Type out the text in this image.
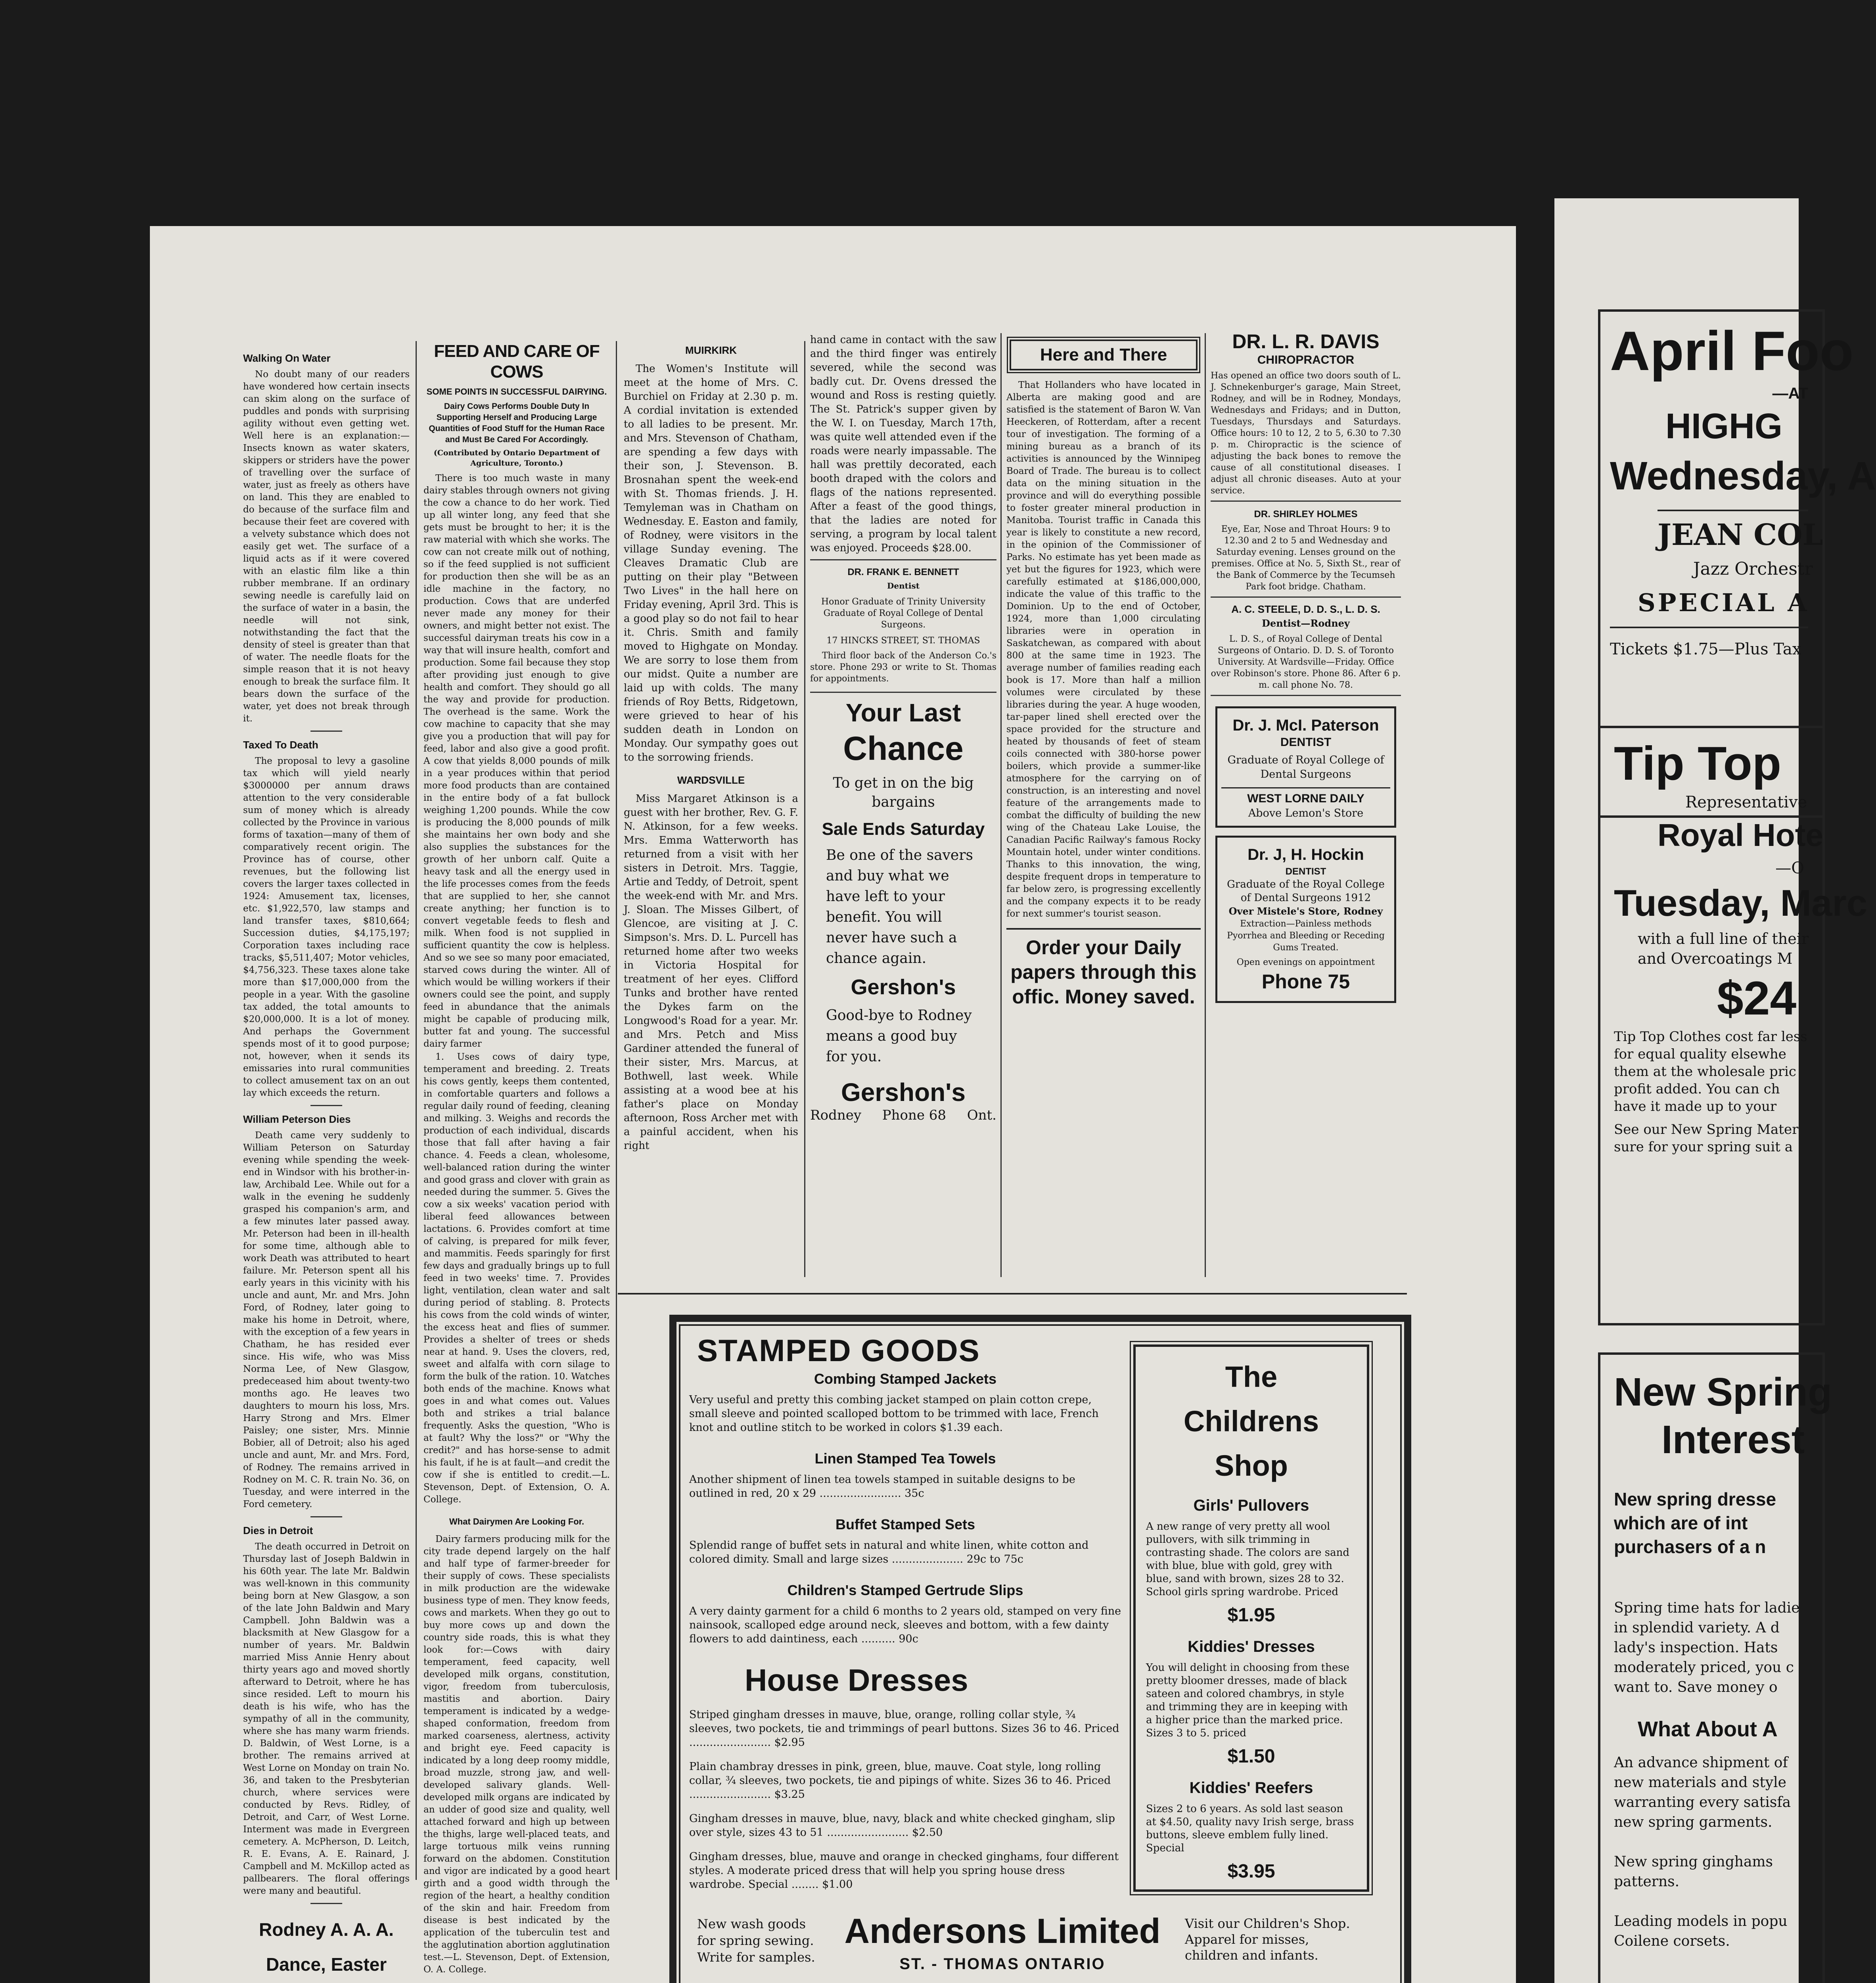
Walking On Water

No doubt many of our readers have wondered how certain insects can skim along on the surface of puddles and ponds with surprising agility without even getting wet. Well here is an explanation:—Insects known as water skaters, skippers or striders have the power of travelling over the surface of water, just as freely as others have on land. This they are enabled to do because of the surface film and because their feet are covered with a velvety substance which does not easily get wet. The surface of a liquid acts as if it were covered with an elastic film like a thin rubber membrane. If an ordinary sewing needle is carefully laid on the surface of water in a basin, the needle will not sink, notwithstanding the fact that the density of steel is greater than that of water. The needle floats for the simple reason that it is not heavy enough to break the surface film. It bears down the surface of the water, yet does not break through it.

Taxed To Death

The proposal to levy a gasoline tax which will yield nearly $3000000 per annum draws attention to the very considerable sum of money which is already collected by the Province in various forms of taxation—many of them of comparatively recent origin. The Province has of course, other revenues, but the following list covers the larger taxes collected in 1924: Amusement tax, licenses, etc. $1,922,570, law stamps and land transfer taxes, $810,664; Succession duties, $4,175,197; Corporation taxes including race tracks, $5,511,407; Motor vehicles, $4,756,323. These taxes alone take more than $17,000,000 from the people in a year. With the gasoline tax added, the total amounts to $20,000,000. It is a lot of money. And perhaps the Government spends most of it to good purpose; not, however, when it sends its emissaries into rural communities to collect amusement tax on an out lay which exceeds the return.

William Peterson Dies

Death came very suddenly to William Peterson on Saturday evening while spending the week-end in Windsor with his brother-in-law, Archibald Lee. While out for a walk in the evening he suddenly grasped his companion's arm, and a few minutes later passed away. Mr. Peterson had been in ill-health for some time, although able to work Death was attributed to heart failure. Mr. Peterson spent all his early years in this vicinity with his uncle and aunt, Mr. and Mrs. John Ford, of Rodney, later going to make his home in Detroit, where, with the exception of a few years in Chatham, he has resided ever since. His wife, who was Miss Norma Lee, of New Glasgow, predeceased him about twenty-two months ago. He leaves two daughters to mourn his loss, Mrs. Harry Strong and Mrs. Elmer Paisley; one sister, Mrs. Minnie Bobier, all of Detroit; also his aged uncle and aunt, Mr. and Mrs. Ford, of Rodney. The remains arrived in Rodney on M. C. R. train No. 36, on Tuesday, and were interred in the Ford cemetery.

Dies in Detroit

The death occurred in Detroit on Thursday last of Joseph Baldwin in his 60th year. The late Mr. Baldwin was well-known in this community being born at New Glasgow, a son of the late John Baldwin and Mary Campbell. John Baldwin was a blacksmith at New Glasgow for a number of years. Mr. Baldwin married Miss Annie Henry about thirty years ago and moved shortly afterward to Detroit, where he has since resided. Left to mourn his death is his wife, who has the sympathy of all in the community, where she has many warm friends. D. Baldwin, of West Lorne, is a brother. The remains arrived at West Lorne on Monday on train No. 36, and taken to the Presbyterian church, where services were conducted by Revs. Ridley, of Detroit, and Carr, of West Lorne. Interment was made in Evergreen cemetery. A. McPherson, D. Leitch, R. E. Evans, A. E. Rainard, J. Campbell and M. McKillop acted as pallbearers. The floral offerings were many and beautiful.

Rodney A. A. A. Dance, Easter
FEED AND CARE OF COWS
SOME POINTS IN SUCCESSFUL DAIRYING.
Dairy Cows Performs Double Duty In Supporting Herself and Producing Large Quantities of Food Stuff for the Human Race and Must Be Cared For Accordingly.
(Contributed by Ontario Department of Agriculture, Toronto.)

There is too much waste in many dairy stables through owners not giving the cow a chance to do her work. Tied up all winter long, any feed that she gets must be brought to her; it is the raw material with which she works. The cow can not create milk out of nothing, so if the feed supplied is not sufficient for production then she will be as an idle machine in the factory, no production. Cows that are underfed never made any money for their owners, and might better not exist. The successful dairyman treats his cow in a way that will insure health, comfort and production. Some fail because they stop after providing just enough to give health and comfort. They should go all the way and provide for production. The overhead is the same. Work the cow machine to capacity that she may give you a production that will pay for feed, labor and also give a good profit. A cow that yields 8,000 pounds of milk in a year produces within that period more food products than are contained in the entire body of a fat bullock weighing 1,200 pounds. While the cow is producing the 8,000 pounds of milk she maintains her own body and she also supplies the substances for the growth of her unborn calf. Quite a heavy task and all the energy used in the life processes comes from the feeds that are supplied to her, she cannot create anything; her function is to convert vegetable feeds to flesh and milk. When food is not supplied in sufficient quantity the cow is helpless. And so we see so many poor emaciated, starved cows during the winter. All of which would be willing workers if their owners could see the point, and supply feed in abundance that the animals might be capable of producing milk, butter fat and young. The successful dairy farmer

1. Uses cows of dairy type, temperament and breeding. 2. Treats his cows gently, keeps them contented, in comfortable quarters and follows a regular daily round of feeding, cleaning and milking. 3. Weighs and records the production of each individual, discards those that fall after having a fair chance. 4. Feeds a clean, wholesome, well-balanced ration during the winter and good grass and clover with grain as needed during the summer. 5. Gives the cow a six weeks' vacation period with liberal feed allowances between lactations. 6. Provides comfort at time of calving, is prepared for milk fever, and mammitis. Feeds sparingly for first few days and gradually brings up to full feed in two weeks' time. 7. Provides light, ventilation, clean water and salt during period of stabling. 8. Protects his cows from the cold winds of winter, the excess heat and flies of summer. Provides a shelter of trees or sheds near at hand. 9. Uses the clovers, red, sweet and alfalfa with corn silage to form the bulk of the ration. 10. Watches both ends of the machine. Knows what goes in and what comes out. Values both and strikes a trial balance frequently. Asks the question, "Who is at fault? Why the loss?" or "Why the credit?" and has horse-sense to admit his fault, if he is at fault—and credit the cow if she is entitled to credit.—L. Stevenson, Dept. of Extension, O. A. College.

What Dairymen Are Looking For.

Dairy farmers producing milk for the city trade depend largely on the half and half type of farmer-breeder for their supply of cows. These specialists in milk production are the widewake business type of men. They know feeds, cows and markets. When they go out to buy more cows up and down the country side roads, this is what they look for:—Cows with dairy temperament, feed capacity, well developed milk organs, constitution, vigor, freedom from tuberculosis, mastitis and abortion. Dairy temperament is indicated by a wedge-shaped conformation, freedom from marked coarseness, alertness, activity and bright eye. Feed capacity is indicated by a long deep roomy middle, broad muzzle, strong jaw, and well-developed salivary glands. Well-developed milk organs are indicated by an udder of good size and quality, well attached forward and high up between the thighs, large well-placed teats, and large tortuous milk veins running forward on the abdomen. Constitution and vigor are indicated by a good heart girth and a good width through the region of the heart, a healthy condition of the skin and hair. Freedom from disease is best indicated by the application of the tuberculin test and the agglutination abortion agglutination test.—L. Stevenson, Dept. of Extension, O. A. College.

MUIRKIRK

The Women's Institute will meet at the home of Mrs. C. Burchiel on Friday at 2.30 p. m. A cordial invitation is extended to all ladies to be present. Mr. and Mrs. Stevenson of Chatham, are spending a few days with their son, J. Stevenson. B. Brosnahan spent the week-end with St. Thomas friends. J. H. Temyleman was in Chatham on Wednesday. E. Easton and family, of Rodney, were visitors in the village Sunday evening. The Cleaves Dramatic Club are putting on their play "Between Two Lives" in the hall here on Friday evening, April 3rd. This is a good play so do not fail to hear it. Chris. Smith and family moved to Highgate on Monday. We are sorry to lose them from our midst. Quite a number are laid up with colds. The many friends of Roy Betts, Ridgetown, were grieved to hear of his sudden death in London on Monday. Our sympathy goes out to the sorrowing friends.

WARDSVILLE

Miss Margaret Atkinson is a guest with her brother, Rev. G. F. N. Atkinson, for a few weeks. Mrs. Emma Watterworth has returned from a visit with her sisters in Detroit. Mrs. Taggie, Artie and Teddy, of Detroit, spent the week-end with Mr. and Mrs. J. Sloan. The Misses Gilbert, of Glencoe, are visiting at J. C. Simpson's. Mrs. D. L. Purcell has returned home after two weeks in Victoria Hospital for treatment of her eyes. Clifford Tunks and brother have rented the Dykes farm on the Longwood's Road for a year. Mr. and Mrs. Petch and Miss Gardiner attended the funeral of their sister, Mrs. Marcus, at Bothwell, last week. While assisting at a wood bee at his father's place on Monday afternoon, Ross Archer met with a painful accident, when his right

hand came in contact with the saw and the third finger was entirely severed, while the second was badly cut. Dr. Ovens dressed the wound and Ross is resting quietly. The St. Patrick's supper given by the W. I. on Tuesday, March 17th, was quite well attended even if the roads were nearly impassable. The hall was prettily decorated, each booth draped with the colors and flags of the nations represented. After a feast of the good things, that the ladies are noted for serving, a program by local talent was enjoyed. Proceeds $28.00.

DR. FRANK E. BENNETT
Dentist
Honor Graduate of Trinity University Graduate of Royal College of Dental Surgeons.
17 HINCKS STREET, ST. THOMAS
Third floor back of the Anderson Co.'s store. Phone 293 or write to St. Thomas for appointments.
Your Last
Chance
To get in on the big bargains
Sale Ends Saturday
Be one of the savers and buy what we have left to your benefit. You will never have such a chance again.
Gershon's
Good-bye to Rodney means a good buy for you.
Gershon's
Rodney Phone 68 Ont.
Here and There

That Hollanders who have located in Alberta are making good and are satisfied is the statement of Baron W. Van Heeckeren, of Rotterdam, after a recent tour of investigation. The forming of a mining bureau as a branch of its activities is announced by the Winnipeg Board of Trade. The bureau is to collect data on the mining situation in the province and will do everything possible to foster greater mineral production in Manitoba. Tourist traffic in Canada this year is likely to constitute a new record, in the opinion of the Commissioner of Parks. No estimate has yet been made as yet but the figures for 1923, which were carefully estimated at $186,000,000, indicate the value of this traffic to the Dominion. Up to the end of October, 1924, more than 1,000 circulating libraries were in operation in Saskatchewan, as compared with about 800 at the same time in 1923. The average number of families reading each book is 17. More than half a million volumes were circulated by these libraries during the year. A huge wooden, tar-paper lined shell erected over the space provided for the structure and heated by thousands of feet of steam coils connected with 380-horse power boilers, which provide a summer-like atmosphere for the carrying on of construction, is an interesting and novel feature of the arrangements made to combat the difficulty of building the new wing of the Chateau Lake Louise, the Canadian Pacific Railway's famous Rocky Mountain hotel, under winter conditions. Thanks to this innovation, the wing, despite frequent drops in temperature to far below zero, is progressing excellently and the company expects it to be ready for next summer's tourist season.

Order your Daily papers through this offic. Money saved.
DR. L. R. DAVIS
CHIROPRACTOR
Has opened an office two doors south of L. J. Schnekenburger's garage, Main Street, Rodney, and will be in Rodney, Mondays, Wednesdays and Fridays; and in Dutton, Tuesdays, Thursdays and Saturdays. Office hours: 10 to 12, 2 to 5, 6.30 to 7.30 p. m. Chiropractic is the science of adjusting the back bones to remove the cause of all constitutional diseases. I adjust all chronic diseases. Auto at your service.
DR. SHIRLEY HOLMES
Eye, Ear, Nose and Throat Hours: 9 to 12.30 and 2 to 5 and Wednesday and Saturday evening. Lenses ground on the premises. Office at No. 5, Sixth St., rear of the Bank of Commerce by the Tecumseh Park foot bridge. Chatham.
A. C. STEELE, D. D. S., L. D. S.
Dentist—Rodney
L. D. S., of Royal College of Dental Surgeons of Ontario. D. D. S. of Toronto University. At Wardsville—Friday. Office over Robinson's store. Phone 86. After 6 p. m. call phone No. 78.
Dr. J. McI. Paterson
DENTIST
Graduate of Royal College of Dental Surgeons
WEST LORNE DAILY
Above Lemon's Store
Dr. J, H. Hockin
DENTIST
Graduate of the Royal College of Dental Surgeons 1912
Over Mistele's Store, Rodney
Extraction—Painless methods Pyorrhea and Bleeding or Receding Gums Treated.
Open evenings on appointment
Phone 75
STAMPED GOODS
Combing Stamped Jackets
Very useful and pretty this combing jacket stamped on plain cotton crepe, small sleeve and pointed scalloped bottom to be trimmed with lace, French knot and outline stitch to be worked in colors $1.39 each.
Linen Stamped Tea Towels
Another shipment of linen tea towels stamped in suitable designs to be outlined in red, 20 x 29 ........................ 35c
Buffet Stamped Sets
Splendid range of buffet sets in natural and white linen, white cotton and colored dimity. Small and large sizes ..................... 29c to 75c
Children's Stamped Gertrude Slips
A very dainty garment for a child 6 months to 2 years old, stamped on very fine nainsook, scalloped edge around neck, sleeves and bottom, with a few dainty flowers to add daintiness, each .......... 90c
House Dresses
Striped gingham dresses in mauve, blue, orange, rolling collar style, ¾ sleeves, two pockets, tie and trimmings of pearl buttons. Sizes 36 to 46. Priced ........................ $2.95
Plain chambray dresses in pink, green, blue, mauve. Coat style, long rolling collar, ¾ sleeves, two pockets, tie and pipings of white. Sizes 36 to 46. Priced ........................ $3.25
Gingham dresses in mauve, blue, navy, black and white checked gingham, slip over style, sizes 43 to 51 ........................ $2.50
Gingham dresses, blue, mauve and orange in checked ginghams, four different styles. A moderate priced dress that will help you spring house dress wardrobe. Special ........ $1.00
The
Childrens
Shop
Girls' Pullovers
A new range of very pretty all wool pullovers, with silk trimming in contrasting shade. The colors are sand with blue, blue with gold, grey with blue, sand with brown, sizes 28 to 32. School girls spring wardrobe. Priced
$1.95
Kiddies' Dresses
You will delight in choosing from these pretty bloomer dresses, made of black sateen and colored chambrys, in style and trimming they are in keeping with a higher price than the marked price. Sizes 3 to 5. priced
$1.50
Kiddies' Reefers
Sizes 2 to 6 years. As sold last season at $4.50, quality navy Irish serge, brass buttons, sleeve emblem fully lined. Special
$3.95
New wash goods for spring sewing. Write for samples.
Andersons Limited
ST. - THOMAS ONTARIO
Visit our Children's Shop. Apparel for misses, children and infants.
April Foo
—AT
HIGHG
Wednesday, A
JEAN COL
Jazz Orchestr
SPECIAL A
Tickets $1.75—Plus Tax
Tip Top
Representative
Royal Hote
—O
Tuesday, Marc
with a full line of their
and Overcoatings M
$24
Tip Top Clothes cost far less
for equal quality elsewhe
them at the wholesale pric
profit added. You can ch
have it made up to your
See our New Spring Mater
sure for your spring suit a
New Spring
Interest
New spring dresse
which are of int
purchasers of a n
Spring time hats for ladie
in splendid variety. A d
lady's inspection. Hats
moderately priced, you c
want to. Save money o
What About A
An advance shipment of
new materials and style
warranting every satisfa
new spring garments.
New spring ginghams
patterns.
Leading models in popu
Coilene corsets.
